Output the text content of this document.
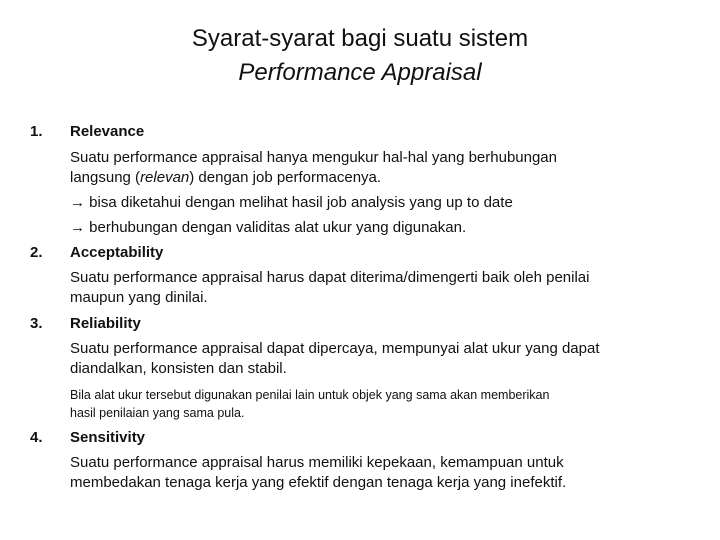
Syarat-syarat bagi suatu sistem
Performance Appraisal
1. Relevance
Suatu performance appraisal hanya mengukur hal-hal yang berhubungan
langsung (relevan) dengan job performacenya.
→ bisa diketahui dengan melihat hasil job analysis yang up to date
→ berhubungan dengan validitas alat ukur yang digunakan.
2. Acceptability
Suatu performance appraisal harus dapat diterima/dimengerti baik oleh penilai
maupun yang dinilai.
3. Reliability
Suatu performance appraisal dapat dipercaya, mempunyai alat ukur yang dapat
diandalkan, konsisten dan stabil.
Bila alat ukur tersebut digunakan penilai lain untuk objek yang sama akan memberikan
hasil penilaian yang sama pula.
4. Sensitivity
Suatu performance appraisal harus memiliki kepekaan, kemampuan untuk
membedakan tenaga kerja yang efektif dengan tenaga kerja yang inefektif.
